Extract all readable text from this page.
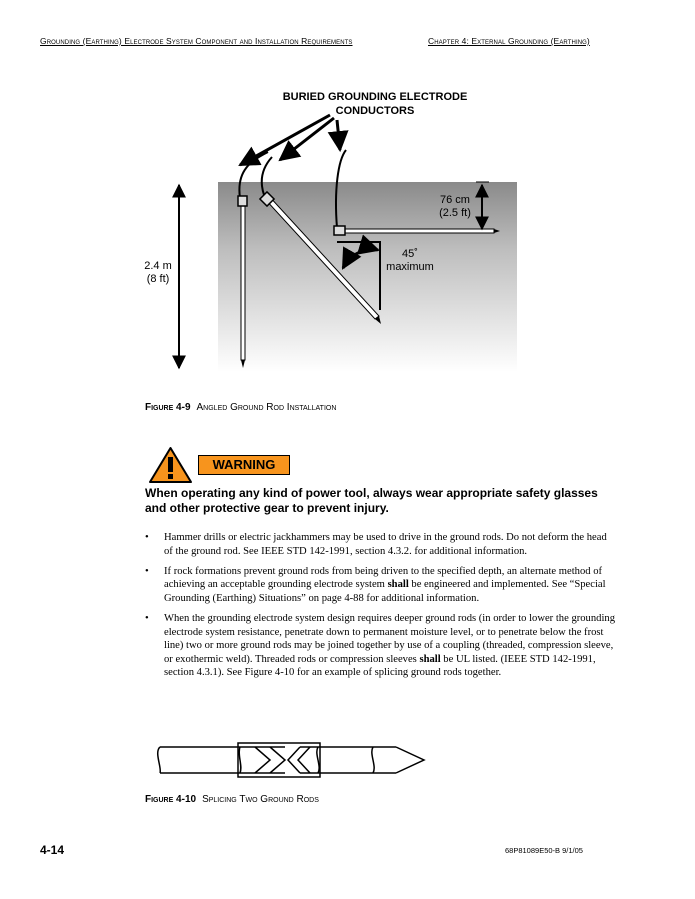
Grounding (Earthing) Electrode System Component and Installation Requirements	Chapter 4: External Grounding (Earthing)
BURIED GROUNDING ELECTRODE
CONDUCTORS
76 cm
(2.5 ft)
45˚
maximum
2.4 m
(8 ft)
Figure 4-9 Angled Ground Rod Installation
WARNING
When operating any kind of power tool, always wear appropriate safety glasses and other protective gear to prevent injury.
• Hammer drills or electric jackhammers may be used to drive in the ground rods. Do not deform the head of the ground rod. See IEEE STD 142-1991, section 4.3.2. for additional information.
• If rock formations prevent ground rods from being driven to the specified depth, an alternate method of achieving an acceptable grounding electrode system shall be engineered and implemented. See “Special Grounding (Earthing) Situations” on page 4-88 for additional information.
• When the grounding electrode system design requires deeper ground rods (in order to lower the grounding electrode system resistance, penetrate down to permanent moisture level, or to penetrate below the frost line) two or more ground rods may be joined together by use of a coupling (threaded, compression sleeve, or exothermic weld). Threaded rods or compression sleeves shall be UL listed. (IEEE STD 142-1991, section 4.3.1). See Figure 4-10 for an example of splicing ground rods together.
Figure 4-10 Splicing Two Ground Rods
4-14	68P81089E50-B 9/1/05
